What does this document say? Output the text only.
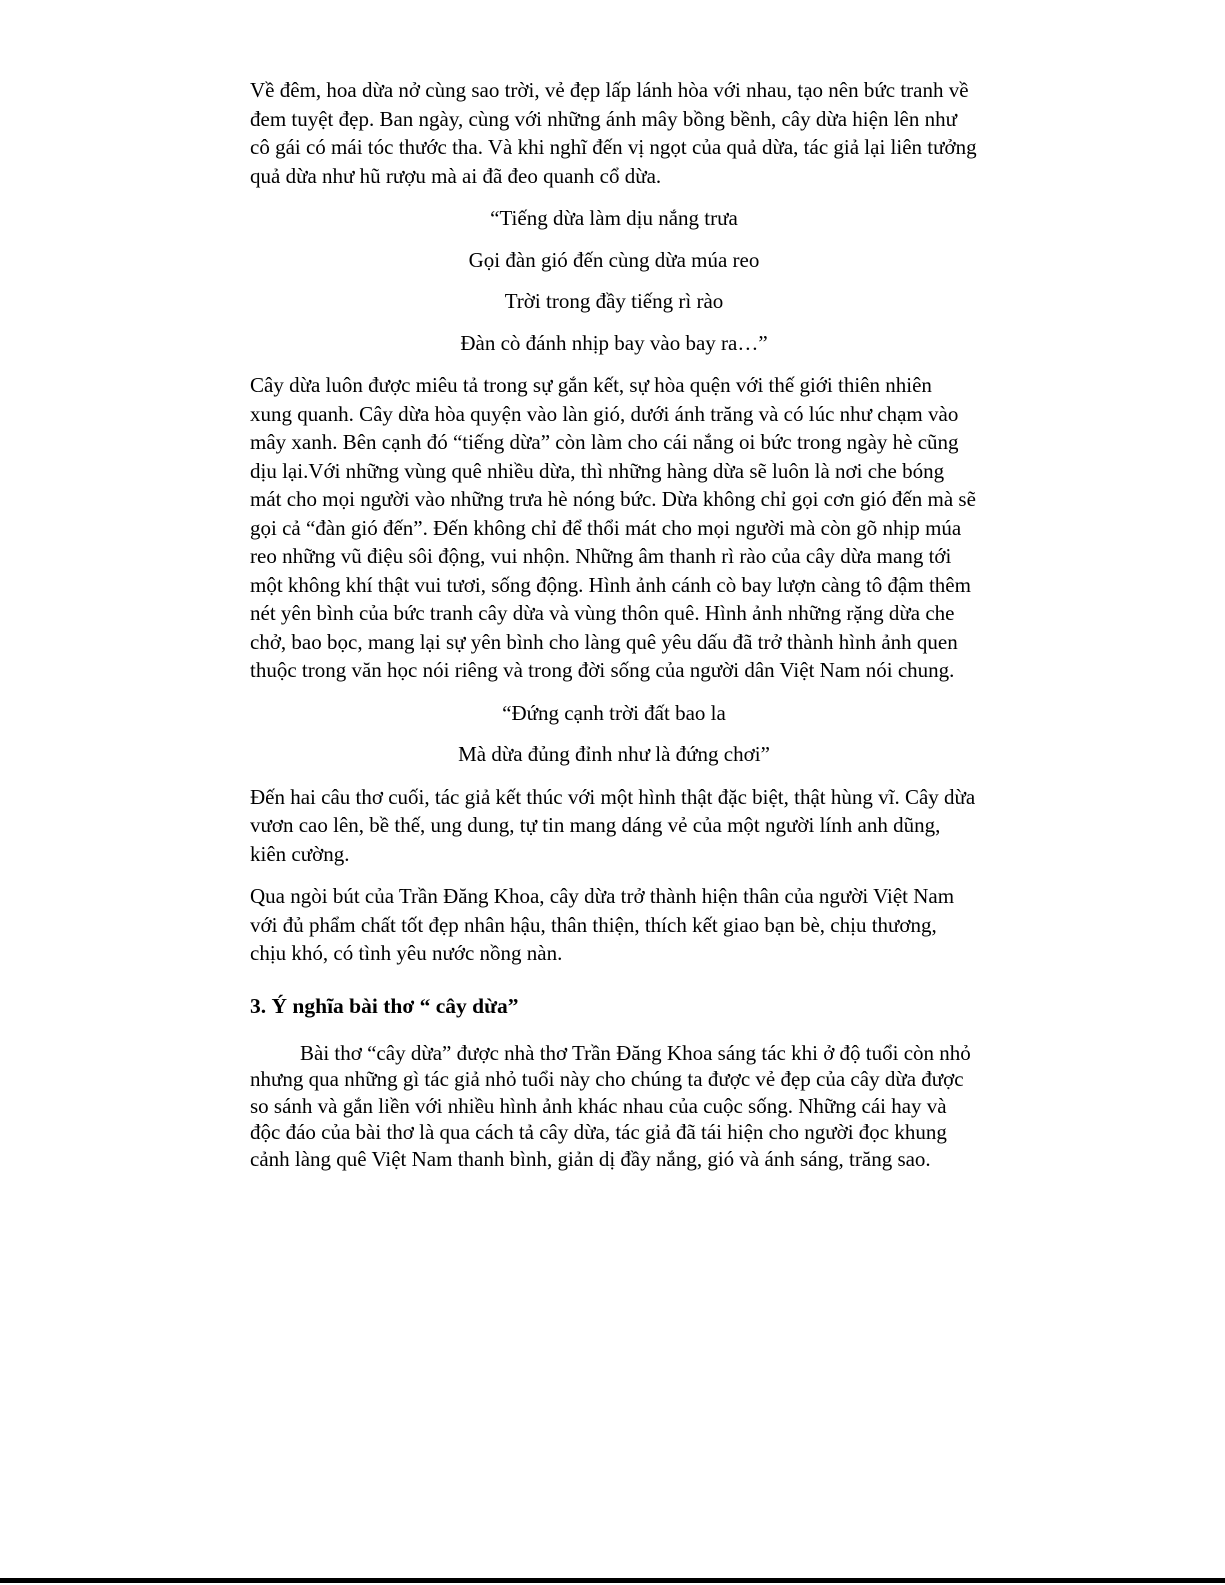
Về đêm, hoa dừa nở cùng sao trời, vẻ đẹp lấp lánh hòa với nhau, tạo nên bức tranh về đem tuyệt đẹp. Ban ngày, cùng với những ánh mây bồng bềnh, cây dừa hiện lên như cô gái có mái tóc thước tha. Và khi nghĩ đến vị ngọt của quả dừa, tác giả lại liên tưởng quả dừa như hũ rượu mà ai đã đeo quanh cổ dừa.

“Tiếng dừa làm dịu nắng trưa

Gọi đàn gió đến cùng dừa múa reo

Trời trong đầy tiếng rì rào

Đàn cò đánh nhịp bay vào bay ra…”

Cây dừa luôn được miêu tả trong sự gắn kết, sự hòa quện với thế giới thiên nhiên xung quanh. Cây dừa hòa quyện vào làn gió, dưới ánh trăng và có lúc như chạm vào mây xanh. Bên cạnh đó “tiếng dừa” còn làm cho cái nắng oi bức trong ngày hè cũng dịu lại.Với những vùng quê nhiều dừa, thì những hàng dừa sẽ luôn là nơi che bóng mát cho mọi người vào những trưa hè nóng bức. Dừa không chỉ gọi cơn gió đến mà sẽ gọi cả “đàn gió đến”. Đến không chỉ để thổi mát cho mọi người mà còn gõ nhịp múa reo những vũ điệu sôi động, vui nhộn. Những âm thanh rì rào của cây dừa mang tới một không khí thật vui tươi, sống động. Hình ảnh cánh cò bay lượn càng tô đậm thêm nét yên bình của bức tranh cây dừa và vùng thôn quê. Hình ảnh những rặng dừa che chở, bao bọc, mang lại sự yên bình cho làng quê yêu dấu đã trở thành hình ảnh quen thuộc trong văn học nói riêng và trong đời sống của người dân Việt Nam nói chung.

“Đứng cạnh trời đất bao la

Mà dừa đủng đỉnh như là đứng chơi”

Đến hai câu thơ cuối, tác giả kết thúc với một hình thật đặc biệt, thật hùng vĩ. Cây dừa vươn cao lên, bề thế, ung dung, tự tin mang dáng vẻ của một người lính anh dũng, kiên cường.

Qua ngòi bút của Trần Đăng Khoa, cây dừa trở thành hiện thân của người Việt Nam với đủ phẩm chất tốt đẹp nhân hậu, thân thiện, thích kết giao bạn bè, chịu thương, chịu khó, có tình yêu nước nồng nàn.

3. Ý nghĩa bài thơ “ cây dừa”

Bài thơ “cây dừa” được nhà thơ Trần Đăng Khoa sáng tác khi ở độ tuổi còn nhỏ nhưng qua những gì tác giả nhỏ tuổi này cho chúng ta được vẻ đẹp của cây dừa được so sánh và gắn liền với nhiều hình ảnh khác nhau của cuộc sống. Những cái hay và độc đáo của bài thơ là qua cách tả cây dừa, tác giả đã tái hiện cho người đọc khung cảnh làng quê Việt Nam thanh bình, giản dị đầy nắng, gió và ánh sáng, trăng sao.
